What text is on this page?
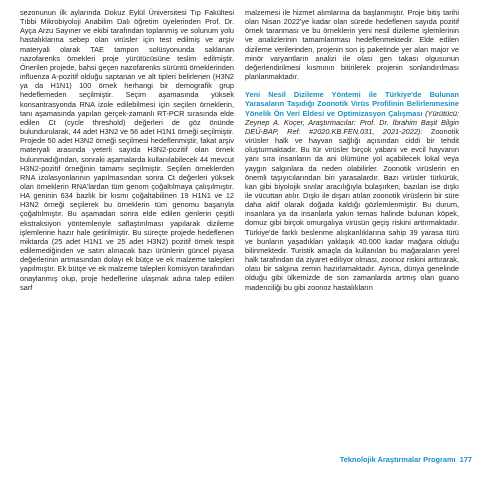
sezonunun ilk aylarında Dokuz Eylül Üniversitesi Tıp Fakültesi Tıbbi Mikrobiyoloji Anabilim Dalı öğretim üyelerinden Prof. Dr. Ayça Arzu Sayıner ve ekibi tarafından toplanmış ve solunum yolu hastalıklarına sebep olan virüsler için test edilmiş ve arşiv materyali olarak TAE tampon solüsyonunda saklanan nazofarenks örnekleri proje yürütücüsüne teslim edilmiştir. Önerilen projede, bahsi geçen nazofarenks sürüntü örneklerinden influenza A-pozitif olduğu saptanan ve alt tipleri belirlenen (H3N2 ya da H1N1) 100 örnek herhangi bir demografik grup hedeflemeden seçilmiştir. Seçim aşamasında yüksek konsantrasyonda RNA izole edilebilmesi için seçilen örneklerin, tanı aşamasında yapılan gerçek-zamanlı RT-PCR sırasında elde edilen Ct (cycle threshold) değerleri de göz önünde bulundurularak, 44 adet H3N2 ve 56 adet H1N1 örneği seçilmiştir. Projede 50 adet H3N2 örneği seçilmesi hedeflenmiştir, fakat arşiv materyali arasında yeterli sayıda H3N2-pozitif olan örnek bulunmadığından, sonraki aşamalarda kullanılabilecek 44 mevcut H3N2-pozitif örneğinin tamamı seçilmiştir. Seçilen örneklerden RNA izolasyonlarının yapılmasından sonra Ct değerleri yüksek olan örneklerin RNA'lardan tüm genom çoğaltılmaya çalışılmıştır. HA geninin 634 bazlık bir kısmı çoğaltabilinen 19 H1N1 ve 12 H3N2 örneği seçilerek bu örneklerin tüm genomu başarıyla çoğaltılmıştır. Bu aşamadan sonra elde edilen genlerin çeşitli ekstraksiyon yöntemleriyle saflaştırılması yapılarak dizileme işlemlerine hazır hale getirilmiştir. Bu süreçte projede hedeflenen miktarda (25 adet H1N1 ve 25 adet H3N2) pozitif örnek tespit edilemediğinden ve satın alınacak bazı ürünlerin güncel piyasa değerlerinin artmasından dolayı ek bütçe ve ek malzeme talepleri yapılmıştır. Ek bütçe ve ek malzeme talepleri komisyon tarafından onaylanmış olup, proje hedeflerine ulaşmak adına talep edilen sarf

malzemesi ile hizmet alımlarına da başlanmıştır. Proje bitiş tarihi olan Nisan 2022'ye kadar olan sürede hedeflenen sayıda pozitif örnek taranması ve bu örneklerin yeni nesil dizileme işlemlerinin ve analizlerinin tamamlanması hedeflenmektedir. Elde edilen dizileme verilerinden, projenin son iş paketinde yer alan major ve minör varyantların analizi ile olası gen takası olgusunun değerlendirilmesi kısmının bitirilerek projenin sonlandırılması planlanmaktadır.

Yeni Nesil Dizileme Yöntemi ile Türkiye'de Bulunan Yarasaların Taşıdığı Zoonotik Virüs Profilinin Belirlenmesine Yönelik Ön Veri Eldesi ve Optimizasyon Çalışması (Yürütücü: Zeynep A. Koçer, Araştırmacılar: Prof. Dr. İbrahim Başit Bilgin DEÜ-BAP, Ref: #2020.KB.FEN.031, 2021-2022): Zoonotik virüsler halk ve hayvan sağlığı açısından ciddi bir tehdit oluşturmaktadır. Bu tür virüsler birçok yabani ve evcil hayvanın yanı sıra insanların da ani ölümüne yol açabilecek lokal veya yaygın salgınlara da neden olabilirler. Zoonotik virüslerin en önemli taşıyıcılarından biri yarasalardır. Bazı virüsler türkürük, kan gibi biyolojik sıvılar aracılığıyla bulaşırken, bazıları ise dışkı ile vücuttan atılır. Dışkı ile dışarı atılan zoonotik virüslerin bir süre daha aktif olarak doğada kaldığı gözlemlenmiştir. Bu durum, insanlara ya da insanlarla yakın temas halinde bulunan köpek, domuz gibi birçok omurgalıya virüsün geçiş riskini arttırmaktadır. Türkiye'de farklı beslenme alışkanlıklarına sahip 39 yarasa türü ve bunların yaşadıkları yaklaşık 40.000 kadar mağara olduğu bilinmektedir. Turistik amaçla da kullanılan bu mağaraların yerel halk tarafından da ziyaret edilıyor olması, zoonoz riskini arttırarak, olası bir salgına zemin hazırlamaktadır. Ayrıca, dünya genelinde olduğu gibi ülkemizde de son zamanlarda artmış olan guano madenciliği bu gibi zoonoz hastalıkların

Teknolojik Araştırmalar Programı 177
